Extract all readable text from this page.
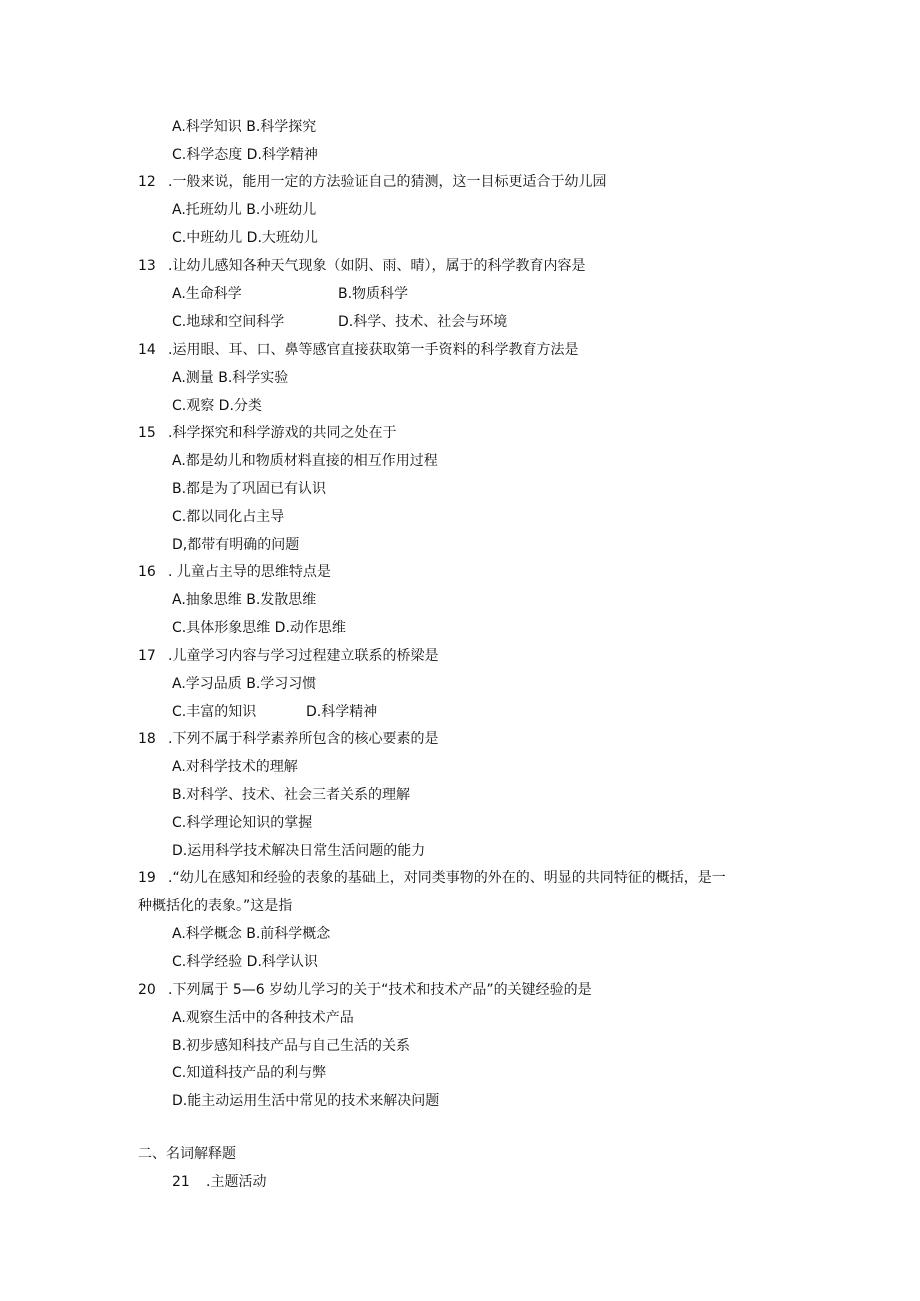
A.科学知识 B.科学探究
C.科学态度 D.科学精神
12 .一般来说，能用一定的方法验证自己的猜测，这一目标更适合于幼儿园
A.托班幼儿 B.小班幼儿
C.中班幼儿 D.大班幼儿
13 .让幼儿感知各种天气现象（如阴、雨、晴），属于的科学教育内容是
A.生命科学	B.物质科学
C.地球和空间科学	D.科学、技术、社会与环境
14 .运用眼、耳、口、鼻等感官直接获取第一手资料的科学教育方法是
A.测量 B.科学实验
C.观察 D.分类
15 .科学探究和科学游戏的共同之处在于
A.都是幼儿和物质材料直接的相互作用过程
B.都是为了巩固已有认识
C.都以同化占主导
D,都带有明确的问题
16 . 儿童占主导的思维特点是
A.抽象思维 B.发散思维
C.具体形象思维 D.动作思维
17 .儿童学习内容与学习过程建立联系的桥梁是
A.学习品质 B.学习习惯
C.丰富的知识	D.科学精神
18 .下列不属于科学素养所包含的核心要素的是
A.对科学技术的理解
B.对科学、技术、社会三者关系的理解
C.科学理论知识的掌握
D.运用科学技术解决日常生活问题的能力
19 .“幼儿在感知和经验的表象的基础上，对同类事物的外在的、明显的共同特征的概括，是一
种概括化的表象。”这是指
A.科学概念 B.前科学概念
C.科学经验 D.科学认识
20 .下列属于 5—6 岁幼儿学习的关于“技术和技术产品”的关键经验的是
A.观察生活中的各种技术产品
B.初步感知科技产品与自己生活的关系
C.知道科技产品的利与弊
D.能主动运用生活中常见的技术来解决问题
二、名词解释题
21 .主题活动
